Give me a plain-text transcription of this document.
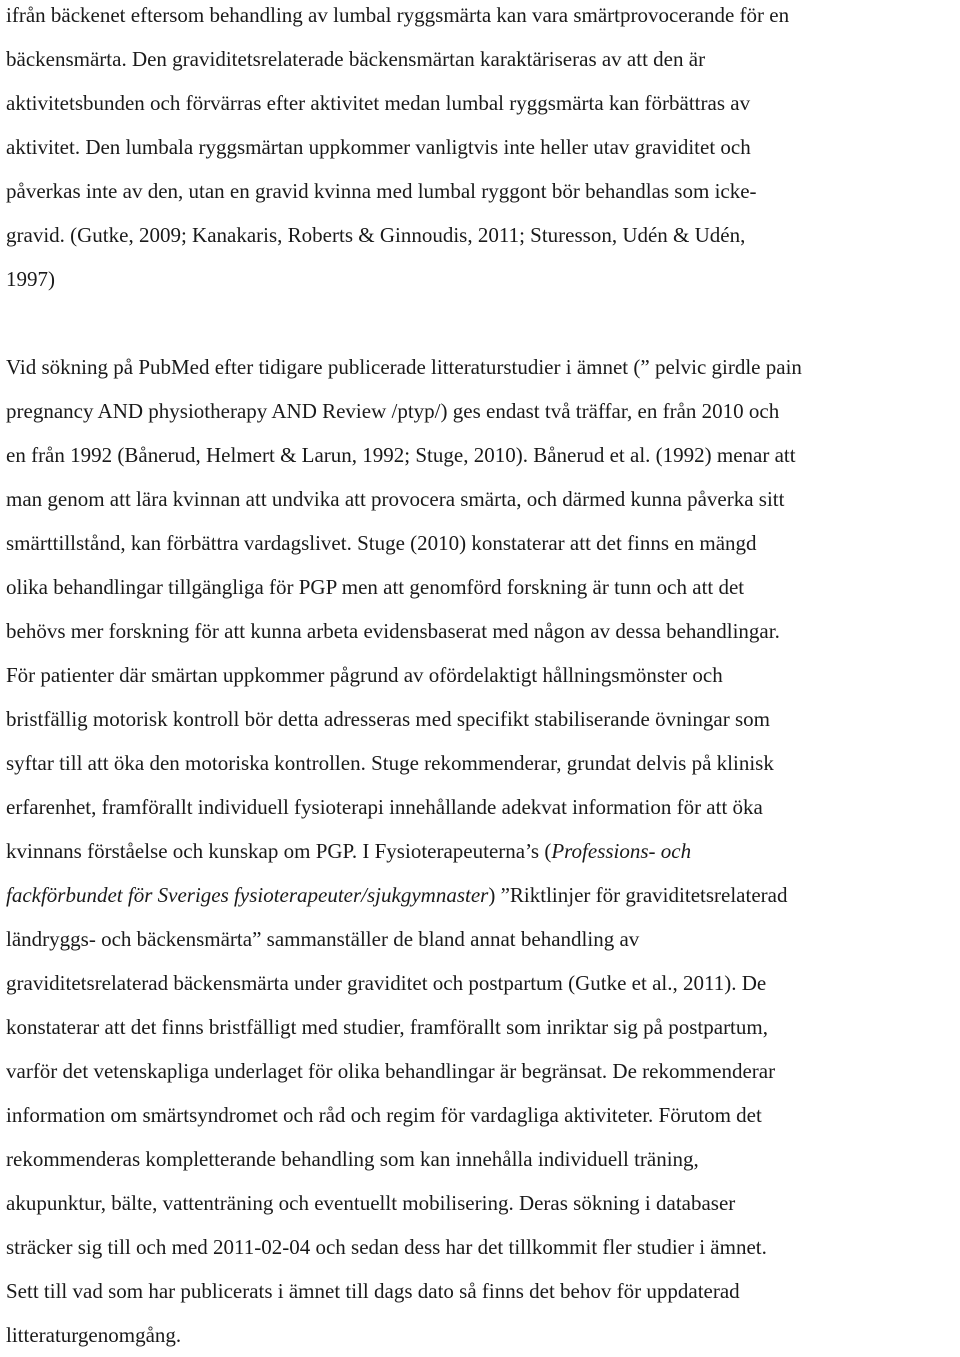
ifrån bäckenet eftersom behandling av lumbal ryggsmärta kan vara smärtprovocerande för en
bäckensmärta. Den graviditetsrelaterade bäckensmärtan karaktäriseras av att den är
aktivitetsbunden och förvärras efter aktivitet medan lumbal ryggsmärta kan förbättras av
aktivitet. Den lumbala ryggsmärtan uppkommer vanligtvis inte heller utav graviditet och
påverkas inte av den, utan en gravid kvinna med lumbal ryggont bör behandlas som icke-
gravid. (Gutke, 2009; Kanakaris, Roberts & Ginnoudis, 2011; Sturesson, Udén & Udén,
1997)
Vid sökning på PubMed efter tidigare publicerade litteraturstudier i ämnet (” pelvic girdle pain
pregnancy AND physiotherapy AND Review /ptyp/) ges endast två träffar, en från 2010 och
en från 1992 (Bånerud, Helmert & Larun, 1992; Stuge, 2010). Bånerud et al. (1992) menar att
man genom att lära kvinnan att undvika att provocera smärta, och därmed kunna påverka sitt
smärttillstånd, kan förbättra vardagslivet. Stuge (2010) konstaterar att det finns en mängd
olika behandlingar tillgängliga för PGP men att genomförd forskning är tunn och att det
behövs mer forskning för att kunna arbeta evidensbaserat med någon av dessa behandlingar.
För patienter där smärtan uppkommer pågrund av ofördelaktigt hållningsmönster och
bristfällig motorisk kontroll bör detta adresseras med specifikt stabiliserande övningar som
syftar till att öka den motoriska kontrollen. Stuge rekommenderar, grundat delvis på klinisk
erfarenhet, framförallt individuell fysioterapi innehållande adekvat information för att öka
kvinnans förståelse och kunskap om PGP. I Fysioterapeuterna’s (Professions- och
fackförbundet för Sveriges fysioterapeuter/sjukgymnaster) ”Riktlinjer för graviditetsrelaterad
ländryggs- och bäckensmärta” sammanställer de bland annat behandling av
graviditetsrelaterad bäckensmärta under graviditet och postpartum (Gutke et al., 2011). De
konstaterar att det finns bristfälligt med studier, framförallt som inriktar sig på postpartum,
varför det vetenskapliga underlaget för olika behandlingar är begränsat. De rekommenderar
information om smärtsyndromet och råd och regim för vardagliga aktiviteter. Förutom det
rekommenderas kompletterande behandling som kan innehålla individuell träning,
akupunktur, bälte, vattenträning och eventuellt mobilisering. Deras sökning i databaser
sträcker sig till och med 2011-02-04 och sedan dess har det tillkommit fler studier i ämnet.
Sett till vad som har publicerats i ämnet till dags dato så finns det behov för uppdaterad
litteraturgenomgång.
